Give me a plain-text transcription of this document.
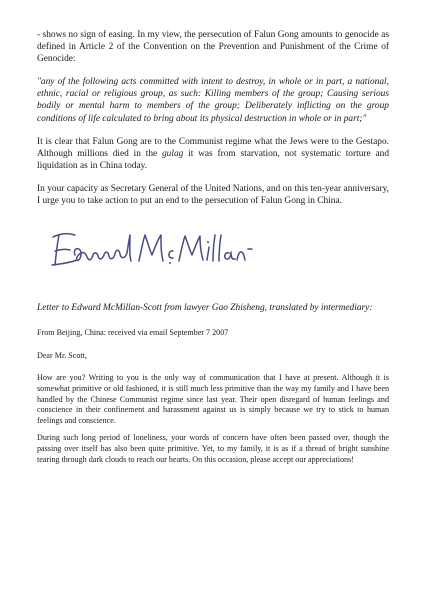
- shows no sign of easing. In my view, the persecution of Falun Gong amounts to genocide as defined in Article 2 of the Convention on the Prevention and Punishment of the Crime of Genocide:

"any of the following acts committed with intent to destroy, in whole or in part, a national, ethnic, racial or religious group, as such: Killing members of the group; Causing serious bodily or mental harm to members of the group; Deliberately inflicting on the group conditions of life calculated to bring about its physical destruction in whole or in part;"

It is clear that Falun Gong are to the Communist regime what the Jews were to the Gestapo. Although millions died in the gulag it was from starvation, not systematic torture and liquidation as in China today.

In your capacity as Secretary General of the United Nations, and on this ten-year anniversary, I urge you to take action to put an end to the persecution of Falun Gong in China.

Letter to Edward McMillan-Scott from lawyer Gao Zhisheng, translated by intermediary:

From Beijing, China: received via email September 7 2007

Dear Mr. Scott,

How are you? Writing to you is the only way of communication that I have at present. Although it is somewhat primitive or old fashioned, it is still much less primitive than the way my family and I have been handled by the Chinese Communist regime since last year. Their open disregard of human feelings and conscience in their confinement and harassment against us is simply because we try to stick to human feelings and conscience.

During such long period of loneliness, your words of concern have often been passed over, though the passing over itself has also been quite primitive. Yet, to my family, it is as if a thread of bright sunshine tearing through dark clouds to reach our hearts. On this occasion, please accept our appreciations!
